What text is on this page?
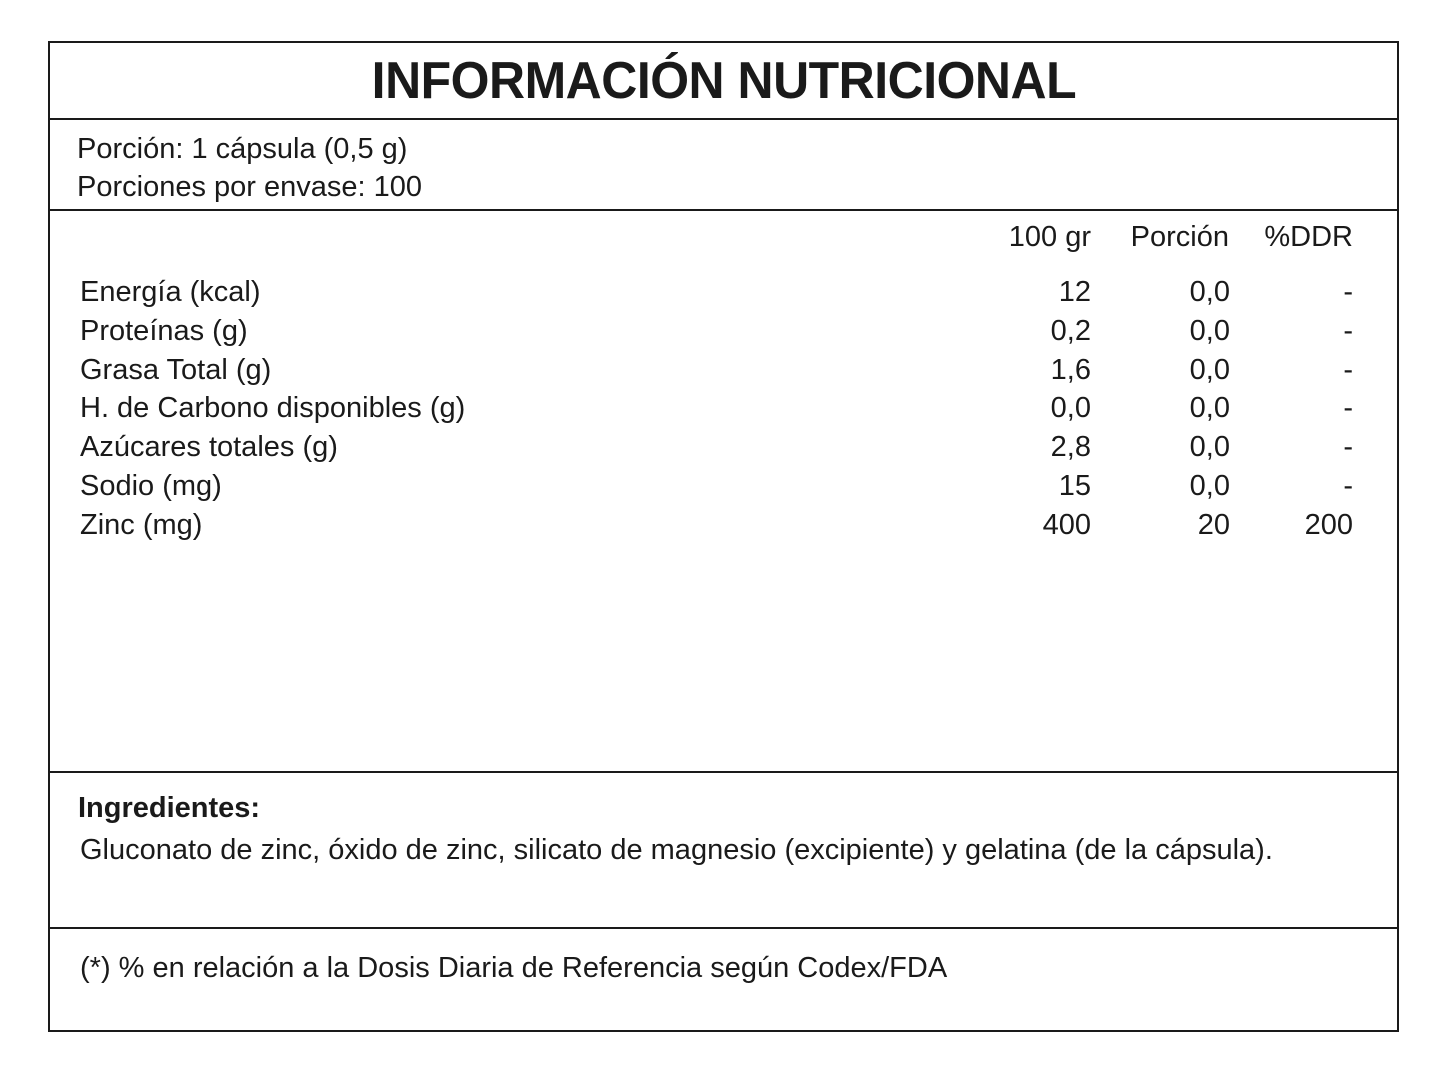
INFORMACIÓN NUTRICIONAL
Porción: 1 cápsula (0,5 g)
Porciones por envase: 100
100 gr Porción %DDR
Energía (kcal)	12	0,0	-
Proteínas (g)	0,2	0,0	-
Grasa Total (g)	1,6	0,0	-
H. de Carbono disponibles (g)	0,0	0,0	-
Azúcares totales (g)	2,8	0,0	-
Sodio (mg)	15	0,0	-
Zinc (mg)	400	20	200
Ingredientes:
Gluconato de zinc, óxido de zinc, silicato de magnesio (excipiente) y gelatina (de la cápsula).
(*) % en relación a la Dosis Diaria de Referencia según Codex/FDA
